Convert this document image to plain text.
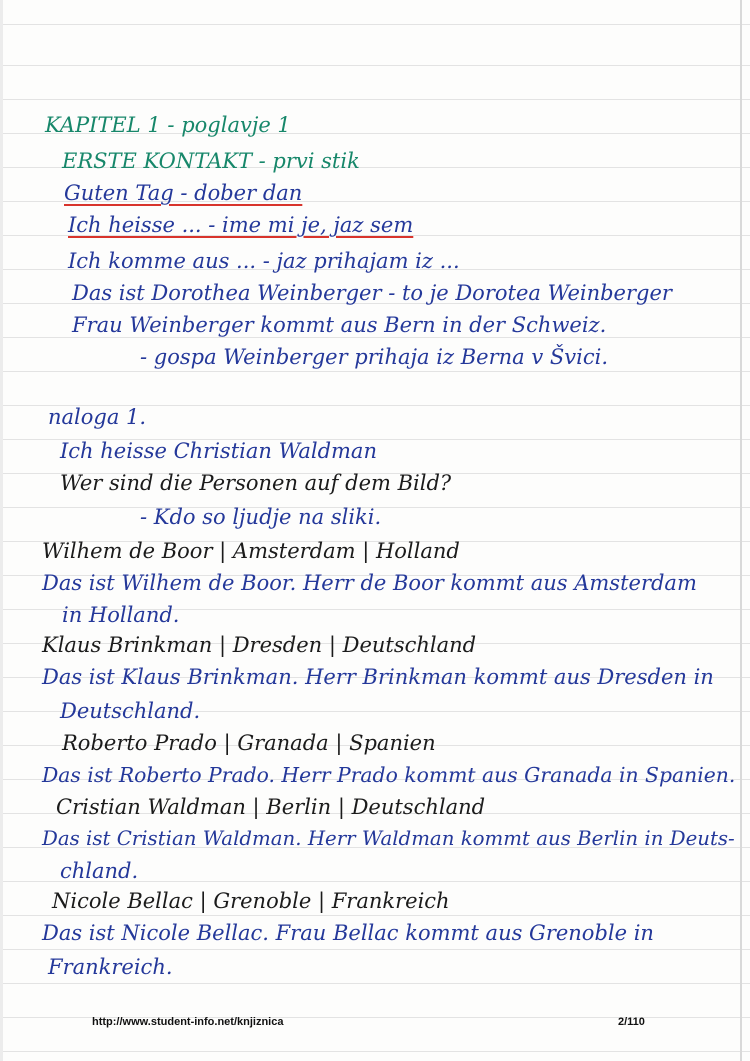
KAPITEL 1 - poglavje 1
ERSTE KONTAKT - prvi stik
Guten Tag - dober dan
Ich heisse ... - ime mi je, jaz sem
Ich komme aus ... - jaz prihajam iz ...
Das ist Dorothea Weinberger - to je Dorotea Weinberger
Frau Weinberger kommt aus Bern in der Schweiz.
- gospa Weinberger prihaja iz Berna v Švici.
naloga 1.
Ich heisse Christian Waldman
Wer sind die Personen auf dem Bild?
- Kdo so ljudje na sliki.
Wilhem de Boor | Amsterdam | Holland
Das ist Wilhem de Boor. Herr de Boor kommt aus Amsterdam
in Holland.
Klaus Brinkman | Dresden | Deutschland
Das ist Klaus Brinkman. Herr Brinkman kommt aus Dresden in
Deutschland.
Roberto Prado | Granada | Spanien
Das ist Roberto Prado. Herr Prado kommt aus Granada in Spanien.
Cristian Waldman | Berlin | Deutschland
Das ist Cristian Waldman. Herr Waldman kommt aus Berlin in Deuts-
chland.
Nicole Bellac | Grenoble | Frankreich
Das ist Nicole Bellac. Frau Bellac kommt aus Grenoble in
Frankreich.
http://www.student-info.net/knjiznica	2/110
